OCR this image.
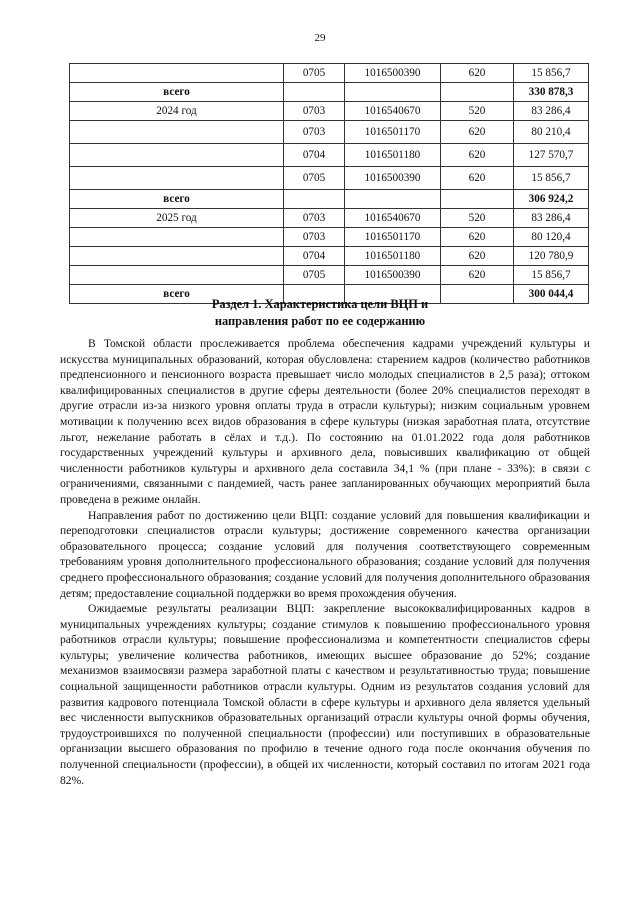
29
	0705	1016500390	620	15 856,7
всего				330 878,3
2024 год	0703	1016540670	520	83 286,4
	0703	1016501170	620	80 210,4
	0704	1016501180	620	127 570,7
	0705	1016500390	620	15 856,7
всего				306 924,2
2025 год	0703	1016540670	520	83 286,4
	0703	1016501170	620	80 120,4
	0704	1016501180	620	120 780,9
	0705	1016500390	620	15 856,7
всего				300 044,4
Раздел 1. Характеристика цели ВЦП и
направления работ по ее содержанию

В Томской области прослеживается проблема обеспечения кадрами учреждений культуры и искусства муниципальных образований, которая обусловлена: старением кадров (количество работников предпенсионного и пенсионного возраста превышает число молодых специалистов в 2,5 раза); оттоком квалифицированных специалистов в другие сферы деятельности (более 20% специалистов переходят в другие отрасли из-за низкого уровня оплаты труда в отрасли культуры); низким социальным уровнем мотивации к получению всех видов образования в сфере культуры (низкая заработная плата, отсутствие льгот, нежелание работать в сёлах и т.д.). По состоянию на 01.01.2022 года доля работников государственных учреждений культуры и архивного дела, повысивших квалификацию от общей численности работников культуры и архивного дела составила 34,1 % (при плане - 33%): в связи с ограничениями, связанными с пандемией, часть ранее запланированных обучающих мероприятий была проведена в режиме онлайн.

Направления работ по достижению цели ВЦП: создание условий для повышения квалификации и переподготовки специалистов отрасли культуры; достижение современного качества организации образовательного процесса; создание условий для получения соответствующего современным требованиям уровня дополнительного профессионального образования; создание условий для получения среднего профессионального образования; создание условий для получения дополнительного образования детям; предоставление социальной поддержки во время прохождения обучения.

Ожидаемые результаты реализации ВЦП: закрепление высококвалифицированных кадров в муниципальных учреждениях культуры; создание стимулов к повышению профессионального уровня работников отрасли культуры; повышение профессионализма и компетентности специалистов сферы культуры; увеличение количества работников, имеющих высшее образование до 52%; создание механизмов взаимосвязи размера заработной платы с качеством и результативностью труда; повышение социальной защищенности работников отрасли культуры. Одним из результатов создания условий для развития кадрового потенциала Томской области в сфере культуры и архивного дела является удельный вес численности выпускников образовательных организаций отрасли культуры очной формы обучения, трудоустроившихся по полученной специальности (профессии) или поступивших в образовательные организации высшего образования по профилю в течение одного года после окончания обучения по полученной специальности (профессии), в общей их численности, который составил по итогам 2021 года 82%.
